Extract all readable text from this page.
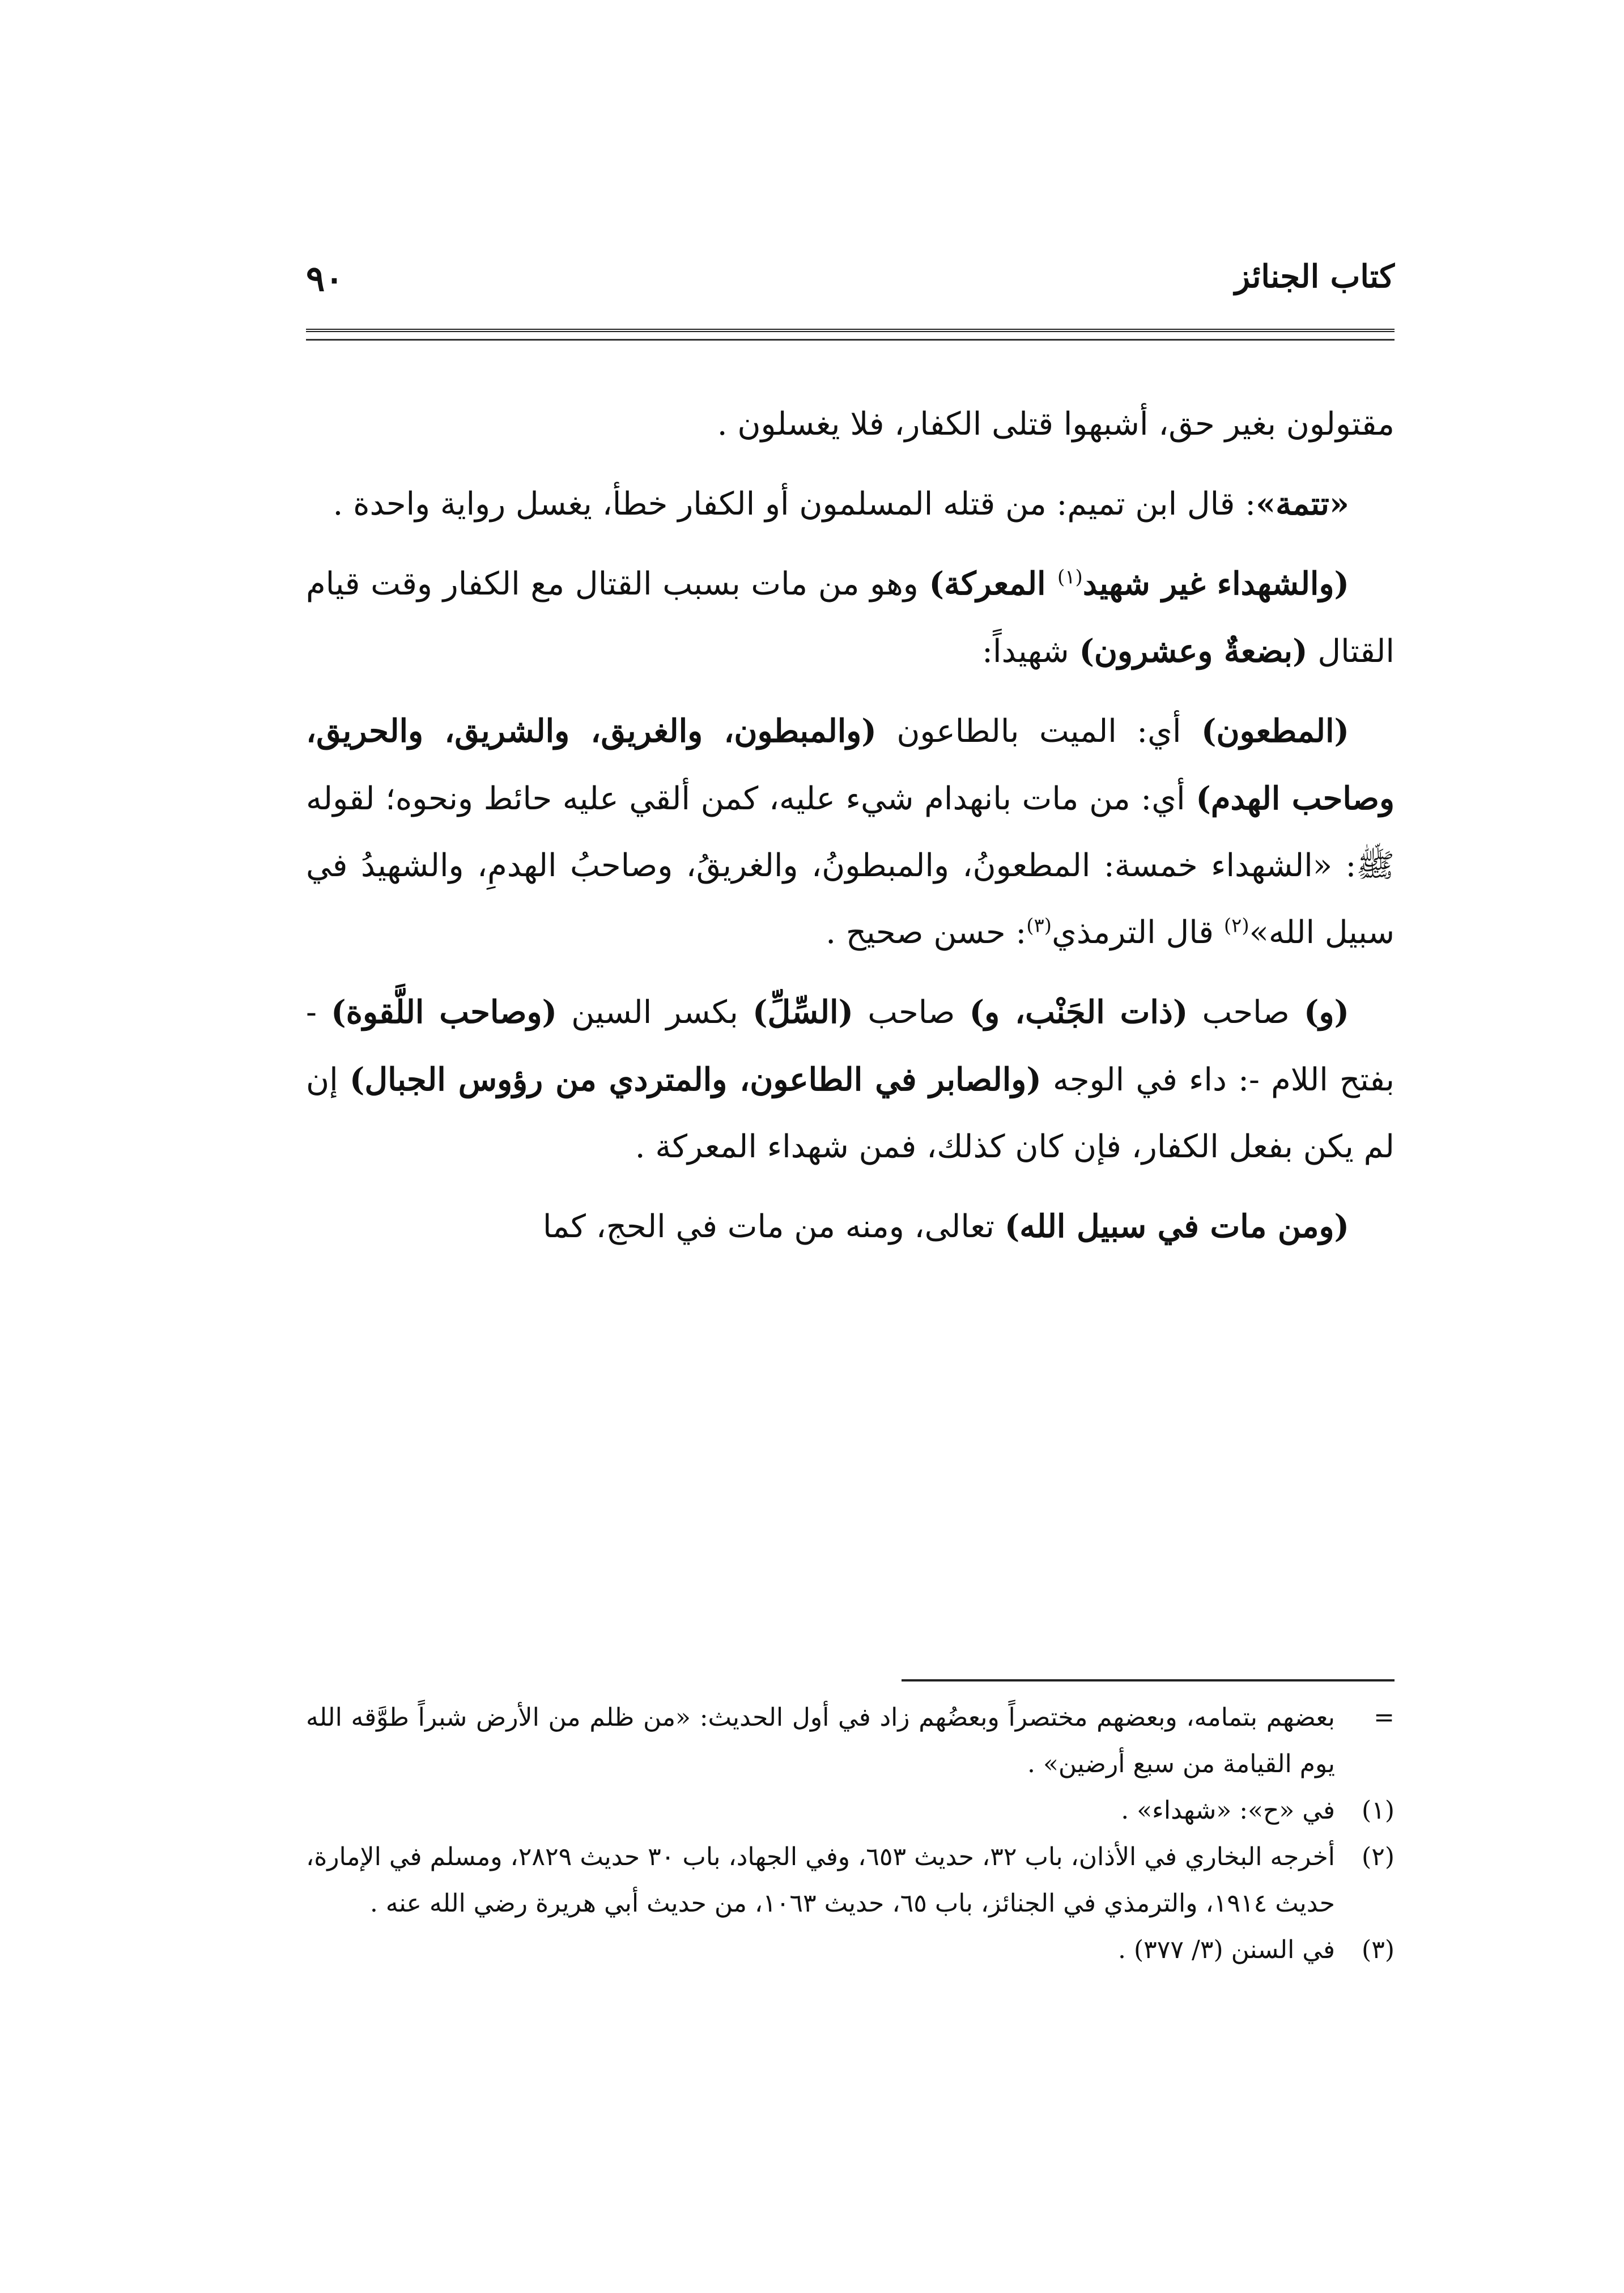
٩٠	كتاب الجنائز

مقتولون بغير حق، أشبهوا قتلى الكفار، فلا يغسلون .

«تتمة»: قال ابن تميم: من قتله المسلمون أو الكفار خطأ، يغسل رواية واحدة .

(والشهداء غير شهيد$^{(١)}$ المعركة) وهو من مات بسبب القتال مع الكفار وقت قيام القتال (بضعةٌ وعشرون) شهيداً:

(المطعون) أي: الميت بالطاعون (والمبطون، والغريق، والشريق، والحريق، وصاحب الهدم) أي: من مات بانهدام شيء عليه، كمن ألقي عليه حائط ونحوه؛ لقوله ﷺ: «الشهداء خمسة: المطعونُ، والمبطونُ، والغريقُ، وصاحبُ الهدمِ، والشهيدُ في سبيل الله»$^{(٢)}$ قال الترمذي$^{(٣)}$: حسن صحيح .

(و) صاحب (ذات الجَنْب، و) صاحب (السِّلِّ) بكسر السين (وصاحب اللَّقوة) - بفتح اللام -: داء في الوجه (والصابر في الطاعون، والمتردي من رؤوس الجبال) إن لم يكن بفعل الكفار، فإن كان كذلك، فمن شهداء المعركة .

(ومن مات في سبيل الله) تعالى، ومنه من مات في الحج، كما

=
بعضهم بتمامه، وبعضهم مختصراً وبعضُهم زاد في أول الحديث: «من ظلم من الأرض شبراً طوَّقه الله يوم القيامة من سبع أرضين» .

(١)
في «ح»: «شهداء» .

(٢)
أخرجه البخاري في الأذان، باب ٣٢، حديث ٦٥٣، وفي الجهاد، باب ٣٠ حديث ٢٨٢٩، ومسلم في الإمارة، حديث ١٩١٤، والترمذي في الجنائز، باب ٦٥، حديث ١٠٦٣، من حديث أبي هريرة رضي الله عنه .

(٣)
في السنن (٣/ ٣٧٧) .
